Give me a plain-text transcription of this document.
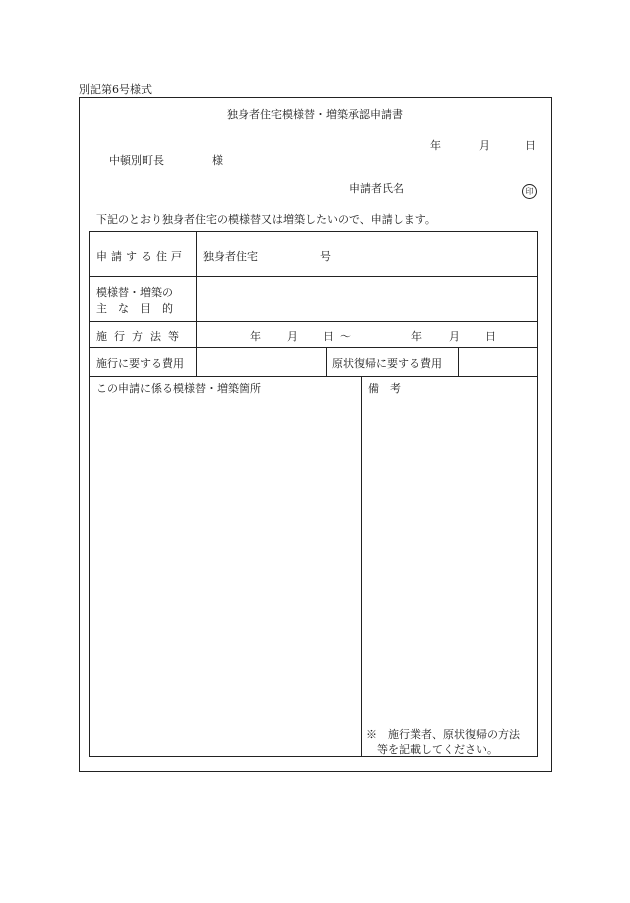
別記第6号様式
独身者住宅模様替・増築承認申請書
年	月	日
中頓別町長	様
申請者氏名	印
下記のとおり独身者住宅の模様替又は増築したいので、申請します。
申請する住戸 独身者住宅	号
模様替・増築の
主　な　目　的
施行方法等	年 月 日 ～	年 月 日
施行に要する費用	原状復帰に要する費用
この申請に係る模様替・増築箇所	備　考
※　施行業者、原状復帰の方法
等を記載してください。
